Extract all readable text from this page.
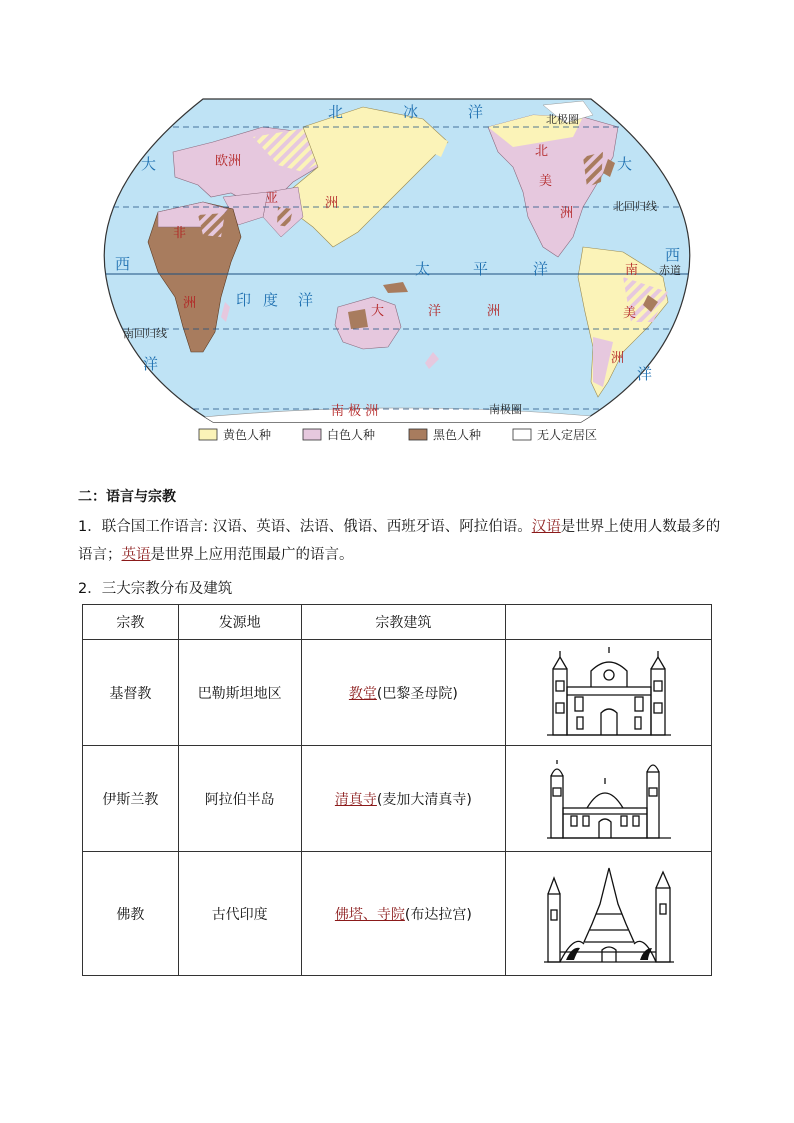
北	冰	洋
大
西
洋
大
西
洋
太	平	洋
印 度 洋
欧洲
亚	洲
非
洲
北
美
洲
南
美
洲
大	洋	洲
南 极 洲
北极圈
北回归线
赤道
南回归线
南极圈
黄色人种	白色人种	黑色人种	无人定居区
二：语言与宗教
1．联合国工作语言: 汉语、英语、法语、俄语、西班牙语、阿拉伯语。汉语是世界上使用人数最多的语言；英语是世界上应用范围最广的语言。
2．三大宗教分布及建筑
宗教	发源地	宗教建筑	
基督教	巴勒斯坦地区	教堂(巴黎圣母院)	

伊斯兰教	阿拉伯半岛	清真寺(麦加大清真寺)	

佛教	古代印度	佛塔、寺院(布达拉宫)	
